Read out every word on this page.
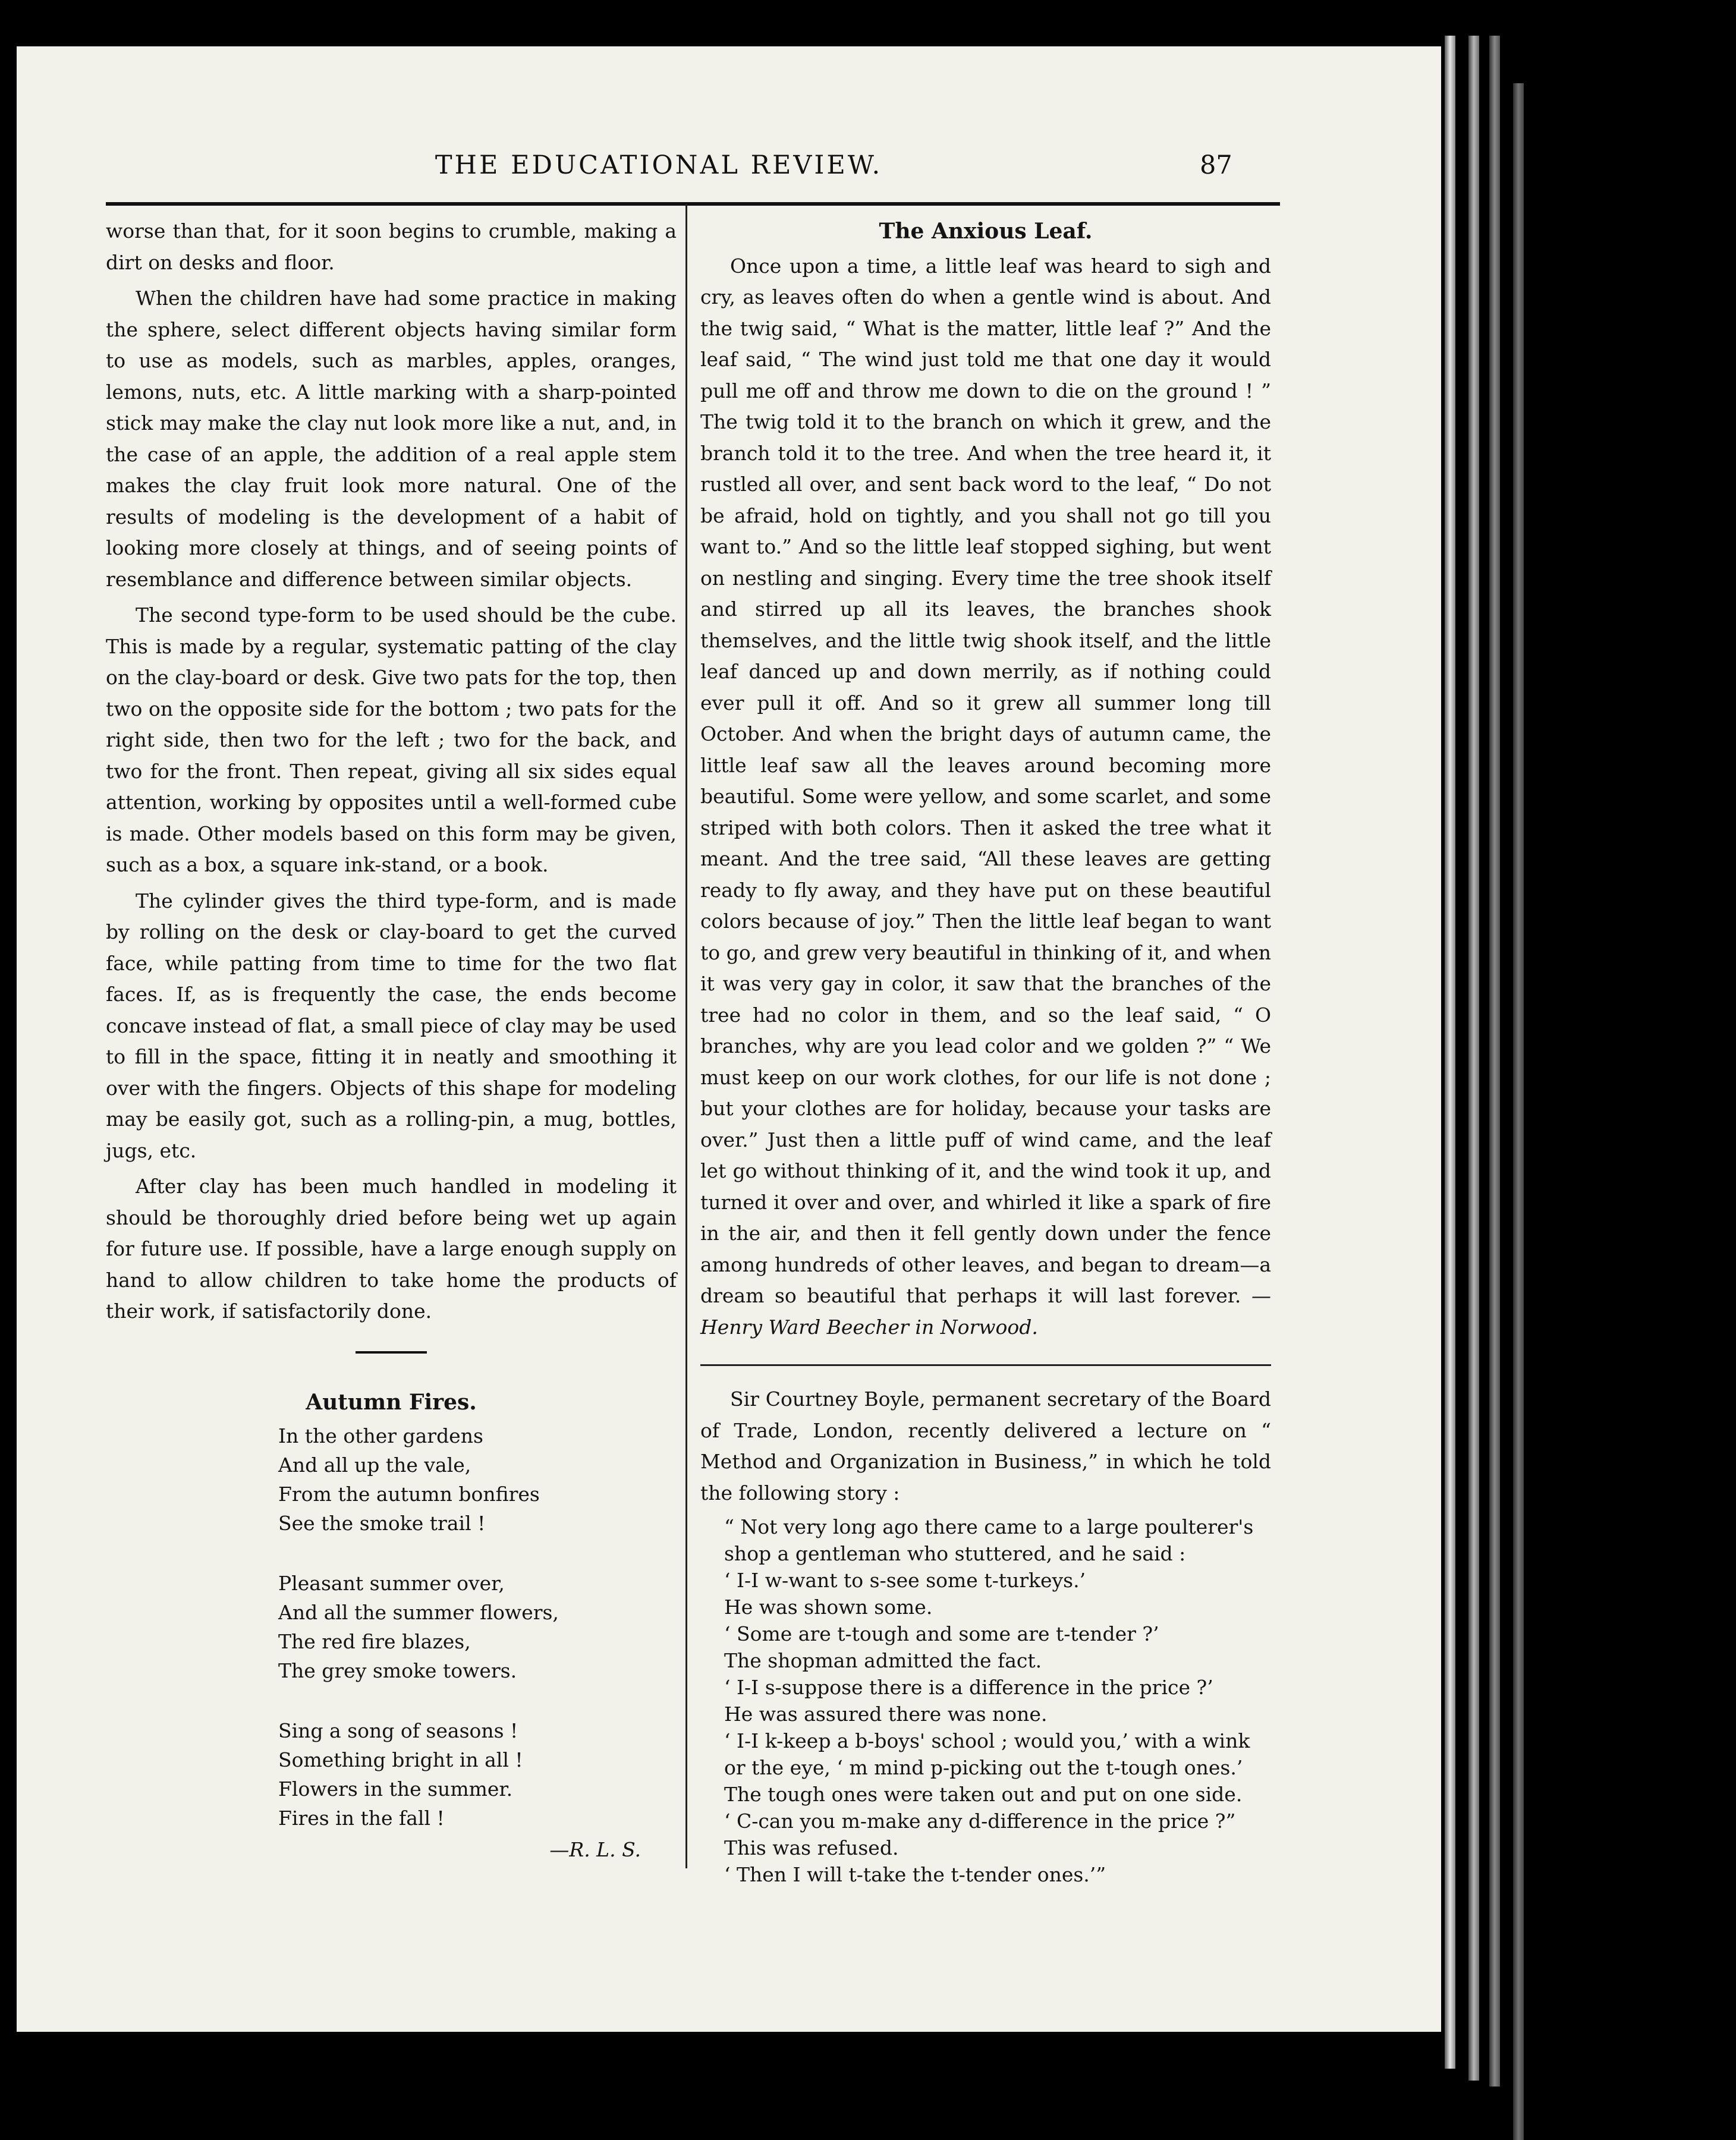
THE EDUCATIONAL REVIEW.	87

worse than that, for it soon begins to crumble, making a dirt on desks and floor.

When the children have had some practice in making the sphere, select different objects having similar form to use as models, such as marbles, apples, oranges, lemons, nuts, etc. A little marking with a sharp-pointed stick may make the clay nut look more like a nut, and, in the case of an apple, the addition of a real apple stem makes the clay fruit look more natural. One of the results of modeling is the development of a habit of looking more closely at things, and of seeing points of resemblance and difference between similar objects.

The second type-form to be used should be the cube. This is made by a regular, systematic patting of the clay on the clay-board or desk. Give two pats for the top, then two on the opposite side for the bottom ; two pats for the right side, then two for the left ; two for the back, and two for the front. Then repeat, giving all six sides equal attention, working by opposites until a well-formed cube is made. Other models based on this form may be given, such as a box, a square ink-stand, or a book.

The cylinder gives the third type-form, and is made by rolling on the desk or clay-board to get the curved face, while patting from time to time for the two flat faces. If, as is frequently the case, the ends become concave instead of flat, a small piece of clay may be used to fill in the space, fitting it in neatly and smoothing it over with the fingers. Objects of this shape for modeling may be easily got, such as a rolling-pin, a mug, bottles, jugs, etc.

After clay has been much handled in modeling it should be thoroughly dried before being wet up again for future use. If possible, have a large enough supply on hand to allow children to take home the products of their work, if satisfactorily done.

Autumn Fires.
In the other gardens
And all up the vale,
From the autumn bonfires
See the smoke trail !
Pleasant summer over,
And all the summer flowers,
The red fire blazes,
The grey smoke towers.
Sing a song of seasons !
Something bright in all !
Flowers in the summer.
Fires in the fall !
—R. L. S.
The Anxious Leaf.

Once upon a time, a little leaf was heard to sigh and cry, as leaves often do when a gentle wind is about. And the twig said, “ What is the matter, little leaf ?” And the leaf said, “ The wind just told me that one day it would pull me off and throw me down to die on the ground ! ” The twig told it to the branch on which it grew, and the branch told it to the tree. And when the tree heard it, it rustled all over, and sent back word to the leaf, “ Do not be afraid, hold on tightly, and you shall not go till you want to.” And so the little leaf stopped sighing, but went on nestling and singing. Every time the tree shook itself and stirred up all its leaves, the branches shook themselves, and the little twig shook itself, and the little leaf danced up and down merrily, as if nothing could ever pull it off. And so it grew all summer long till October. And when the bright days of autumn came, the little leaf saw all the leaves around becoming more beautiful. Some were yellow, and some scarlet, and some striped with both colors. Then it asked the tree what it meant. And the tree said, “All these leaves are getting ready to fly away, and they have put on these beautiful colors because of joy.” Then the little leaf began to want to go, and grew very beautiful in thinking of it, and when it was very gay in color, it saw that the branches of the tree had no color in them, and so the leaf said, “ O branches, why are you lead color and we golden ?” “ We must keep on our work clothes, for our life is not done ; but your clothes are for holiday, because your tasks are over.” Just then a little puff of wind came, and the leaf let go without thinking of it, and the wind took it up, and turned it over and over, and whirled it like a spark of fire in the air, and then it fell gently down under the fence among hundreds of other leaves, and began to dream—a dream so beautiful that perhaps it will last forever. —Henry Ward Beecher in Norwood.

Sir Courtney Boyle, permanent secretary of the Board of Trade, London, recently delivered a lecture on “ Method and Organization in Business,” in which he told the following story :

“ Not very long ago there came to a large poulterer's shop a gentleman who stuttered, and he said :
‘ I-I w-want to s-see some t-turkeys.’
He was shown some.
‘ Some are t-tough and some are t-tender ?’
The shopman admitted the fact.
‘ I-I s-suppose there is a difference in the price ?’
He was assured there was none.
‘ I-I k-keep a b-boys' school ; would you,’ with a wink or the eye, ‘ m mind p-picking out the t-tough ones.’
The tough ones were taken out and put on one side.
‘ C-can you m-make any d-difference in the price ?”
This was refused.
‘ Then I will t-take the t-tender ones.’”
